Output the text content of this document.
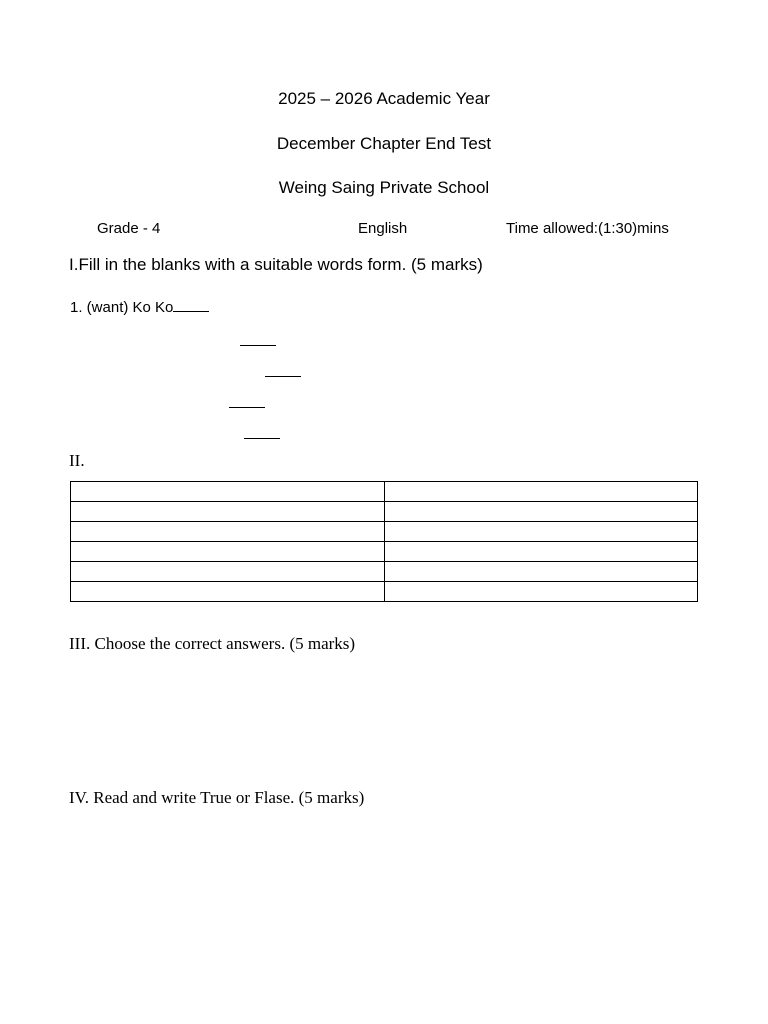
2025 – 2026 Academic Year
December Chapter End Test
Weing Saing Private School
Grade - 4	English	Time allowed:(1:30)mins
I.Fill in the blanks with a suitable words form. (5 marks)
1. (want) Ko Ko
II.

III. Choose the correct answers. (5 marks)
IV. Read and write True or Flase. (5 marks)
